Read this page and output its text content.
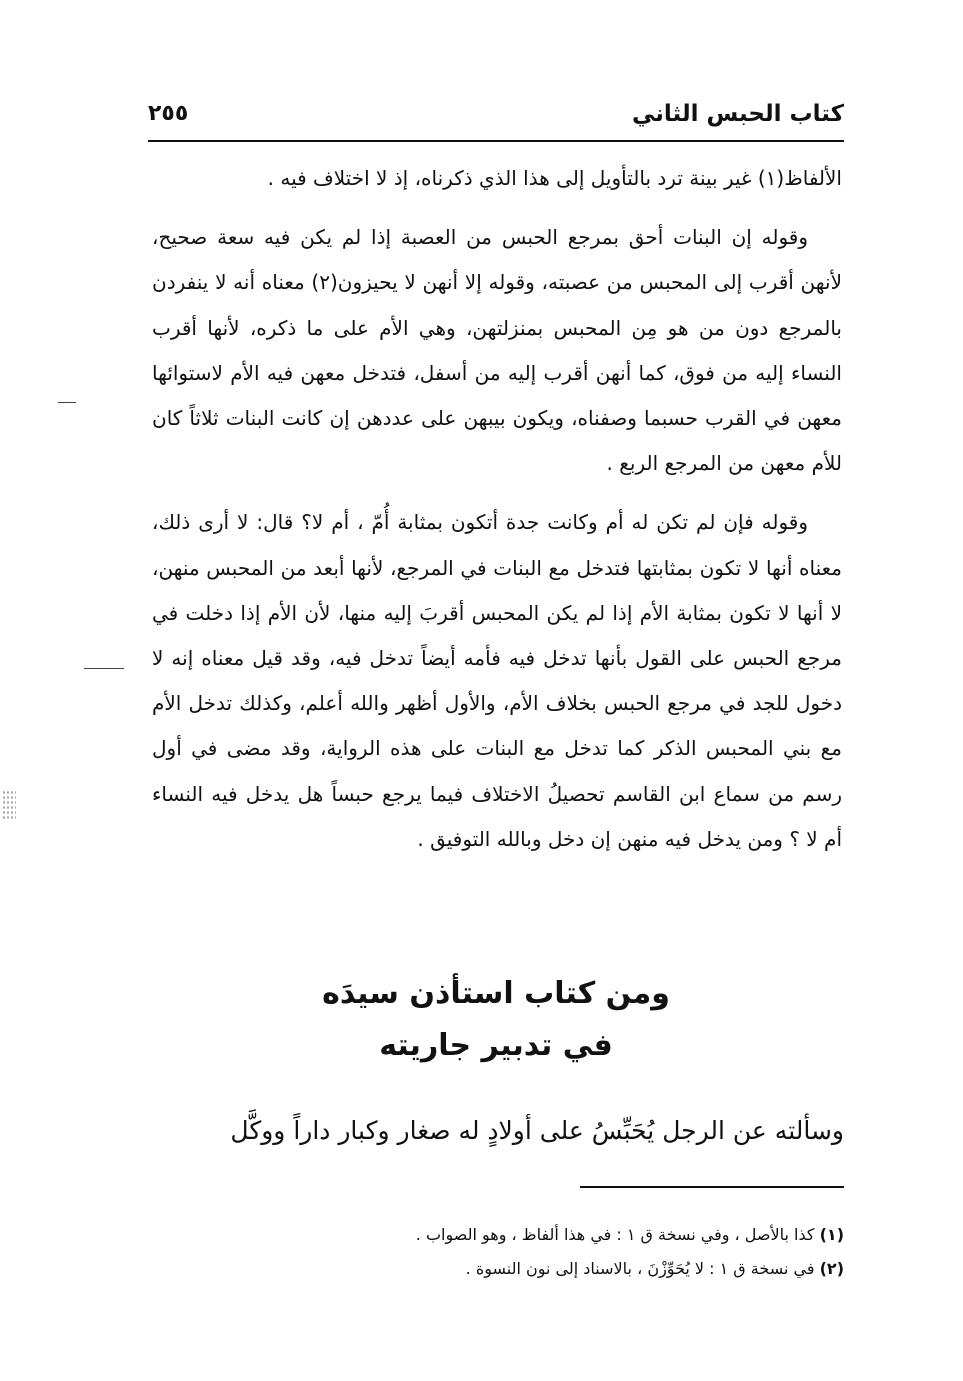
كتاب الحبس الثاني
٢٥٥

الألفاظ(١) غير بينة ترد بالتأويل إلى هذا الذي ذكرناه، إذ لا اختلاف فيه .

وقوله إن البنات أحق بمرجع الحبس من العصبة إذا لم يكن فيه سعة صحيح، لأنهن أقرب إلى المحبس من عصبته، وقوله إلا أنهن لا يحيزون(٢) معناه أنه لا ينفردن بالمرجع دون من هو مِن المحبس بمنزلتهن، وهي الأم على ما ذكره، لأنها أقرب النساء إليه من فوق، كما أنهن أقرب إليه من أسفل، فتدخل معهن فيه الأم لاستوائها معهن في القرب حسبما وصفناه، ويكون بيبهن على عددهن إن كانت البنات ثلاثاً كان للأم معهن من المرجع الربع .

وقوله فإن لم تكن له أم وكانت جدة أتكون بمثابة أُمّ ، أم لا؟ قال: لا أرى ذلك، معناه أنها لا تكون بمثابتها فتدخل مع البنات في المرجع، لأنها أبعد من المحبس منهن، لا أنها لا تكون بمثابة الأم إذا لم يكن المحبس أقربَ إليه منها، لأن الأم إذا دخلت في مرجع الحبس على القول بأنها تدخل فيه فأمه أيضاً تدخل فيه، وقد قيل معناه إنه لا دخول للجد في مرجع الحبس بخلاف الأم، والأول أظهر والله أعلم، وكذلك تدخل الأم مع بني المحبس الذكر كما تدخل مع البنات على هذه الرواية، وقد مضى في أول رسم من سماع ابن القاسم تحصيلُ الاختلاف فيما يرجع حبساً هل يدخل فيه النساء أم لا ؟ ومن يدخل فيه منهن إن دخل وبالله التوفيق .

ومن كتاب استأذن سيدَه
في تدبير جاريته
وسألته عن الرجل يُحَبِّسُ على أولادٍ له صغار وكبار داراً ووكَّل
(١) كذا بالأصل ، وفي نسخة ق ١ : في هذا ألفاظ ، وهو الصواب .
(٢) في نسخة ق ١ : لا يُحَوِّزْنَ ، بالاسناد إلى نون النسوة .
